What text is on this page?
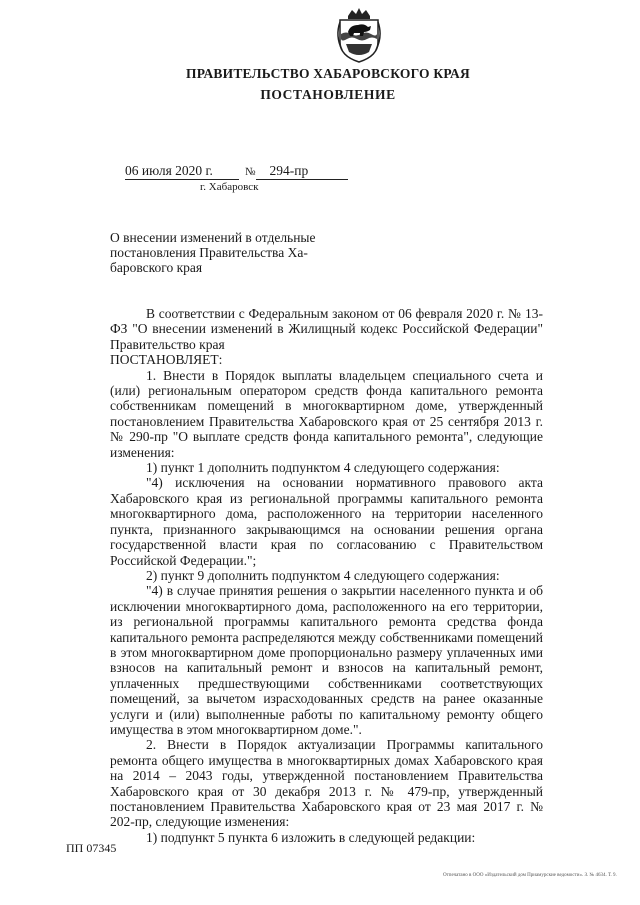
ПРАВИТЕЛЬСТВО ХАБАРОВСКОГО КРАЯ
ПОСТАНОВЛЕНИЕ
06 июля 2020 г.	№ 294-пр
г. Хабаровск
О внесении изменений в отдельные
постановления Правительства Ха-
баровского края

В соответствии с Федеральным законом от 06 февраля 2020 г. № 13-ФЗ "О внесении изменений в Жилищный кодекс Российской Федерации" Правительство края

ПОСТАНОВЛЯЕТ:

1. Внести в Порядок выплаты владельцем специального счета и (или) региональным оператором средств фонда капитального ремонта собственникам помещений в многоквартирном доме, утвержденный постановлением Правительства Хабаровского края от 25 сентября 2013 г. № 290-пр "О выплате средств фонда капитального ремонта", следующие изменения:

1) пункт 1 дополнить подпунктом 4 следующего содержания:

"4) исключения на основании нормативного правового акта Хабаровского края из региональной программы капитального ремонта многоквартирного дома, расположенного на территории населенного пункта, признанного закрывающимся на основании решения органа государственной власти края по согласованию с Правительством Российской Федерации.";

2) пункт 9 дополнить подпунктом 4 следующего содержания:

"4) в случае принятия решения о закрытии населенного пункта и об исключении многоквартирного дома, расположенного на его территории, из региональной программы капитального ремонта средства фонда капитального ремонта распределяются между собственниками помещений в этом многоквартирном доме пропорционально размеру уплаченных ими взносов на капитальный ремонт и взносов на капитальный ремонт, уплаченных предшествующими собственниками соответствующих помещений, за вычетом израсходованных средств на ранее оказанные услуги и (или) выполненные работы по капитальному ремонту общего имущества в этом многоквартирном доме.".

2. Внести в Порядок актуализации Программы капитального ремонта общего имущества в многоквартирных домах Хабаровского края на 2014 – 2043 годы, утвержденной постановлением Правительства Хабаровского края от 30 декабря 2013 г. № 479-пр, утвержденный постановлением Правительства Хабаровского края от 23 мая 2017 г. № 202-пр, следующие изменения:

1) подпункт 5 пункта 6 изложить в следующей редакции:

ПП 07345
Отпечатано в ООО «Издательский дом Приамурские ведомости». З. № 4634. Т. 9.
